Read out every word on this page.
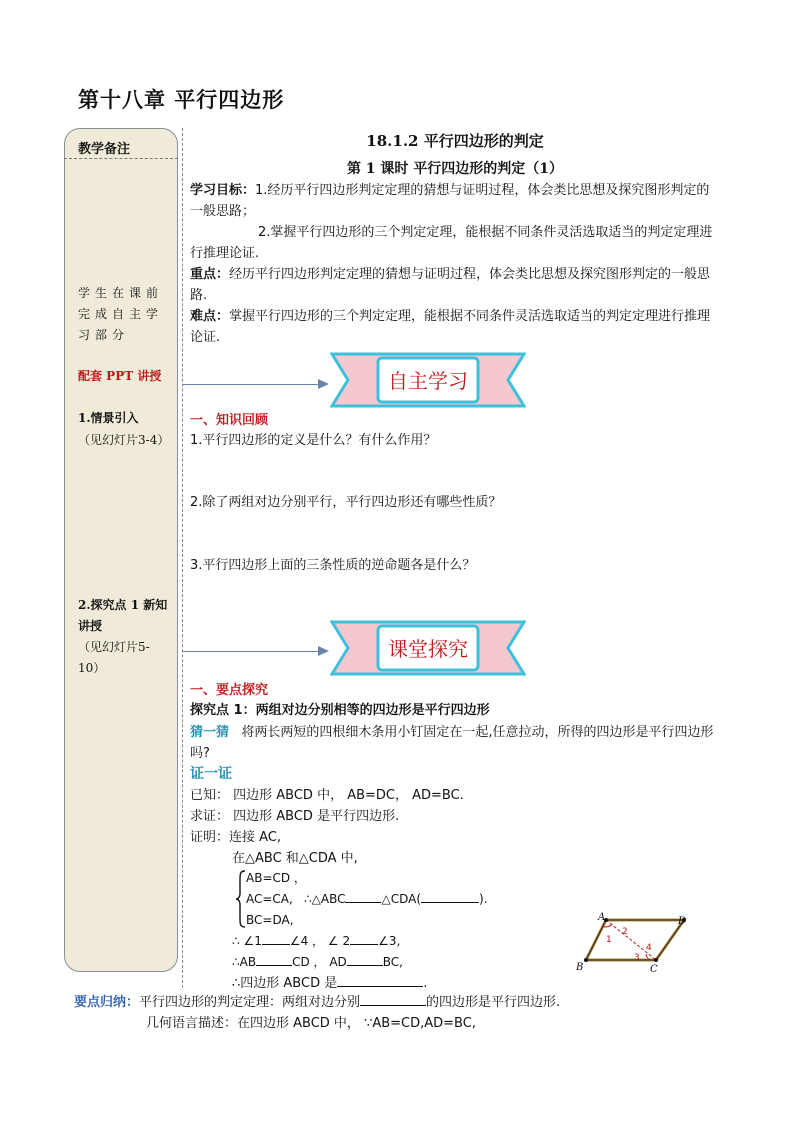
第十八章 平行四边形
教学备注
学生在课前完成自主学习部分
配套 PPT 讲授
1.情景引入
（见幻灯片3-4）
2.探究点 1 新知讲授
（见幻灯片5-10）
18.1.2 平行四边形的判定
第 1 课时 平行四边形的判定（1）
学习目标：1.经历平行四边形判定定理的猜想与证明过程，体会类比思想及探究图形判定的一般思路；
2.掌握平行四边形的三个判定定理，能根据不同条件灵活选取适当的判定定理进行推理论证.
重点：经历平行四边形判定定理的猜想与证明过程，体会类比思想及探究图形判定的一般思路.
难点：掌握平行四边形的三个判定定理，能根据不同条件灵活选取适当的判定定理进行推理论证.
自主学习
一、知识回顾
1.平行四边形的定义是什么？有什么作用？
2.除了两组对边分别平行，平行四边形还有哪些性质？
3.平行四边形上面的三条性质的逆命题各是什么？
课堂探究
一、要点探究
探究点 1：两组对边分别相等的四边形是平行四边形
猜一猜 将两长两短的四根细木条用小钉固定在一起,任意拉动，所得的四边形是平行四边形吗?
证一证
已知： 四边形 ABCD 中， AB=DC， AD=BC.
求证： 四边形 ABCD 是平行四边形.
证明：连接 AC,
在△ABC 和△CDA 中,
AB=CD ，
AC=CA,
BC=DA,
∴△ABC	△CDA(	).
∴ ∠1 ∠4 ， ∠ 2 ∠3,
∴AB	CD ， AD	BC,
∴四边形 ABCD 是	.
A
B	C
D
1
2
3
4
要点归纳：平行四边形的判定定理：两组对边分别	的四边形是平行四边形.
几何语言描述：在四边形 ABCD 中， ∵AB=CD,AD=BC,
